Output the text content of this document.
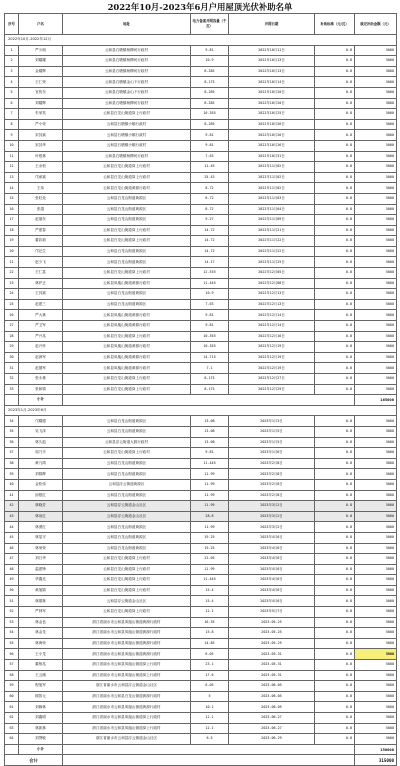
2022年10月-2023年6月户用屋顶光伏补助名单
序号	户名	地址	电力备案并网容量（千瓦）	并网日期	补助标准（元/瓦）	核定补助金额（元）
2022年10月-2022年12月						
1	严少朗	云和县石塘镇杨柳河行政村	9.81	2022年10月11日	0.8	5000
2	刘耀耀	云和县石塘镇杨柳河行政村	10.9	2022年10月13日	0.8	5000
3	金耀辉	云和县石塘镇杨柳河行政村	8.285	2022年10月13日	0.8	5000
4	王仁荣	云和县石塘镇金山下行政村	8.175	2022年10月14日	0.8	5000
5	官传东	云和县石塘镇金山下行政村	8.285	2022年10月20日	0.8	5000
6	刘耀辉	云和县石塘镇杨柳河行政村	8.285	2022年10月20日	0.8	5000
7	朱荣英	云和县白龙山街道岗上行政村	10.355	2022年10月25日	0.8	5000
8	严小荣	云和县石塘镇小顺行政村	8.285	2022年10月26日	0.8	5000
9	宋其斌	云和县石塘镇小顺行政村	9.81	2022年10月26日	0.8	5000
10	宋其华	云和县石塘镇小顺行政村	9.81	2022年10月26日	0.8	5000
11	叶根林	云和县石塘镇杨柳河行政村	7.63	2022年10月31日	0.8	5000
12	王余松	云和县白龙山街道岗上行政村	11.45	2022年11月02日	0.8	5000
13	邝承斌	云和县白龙山街道岗上行政村	25.43	2022年11月02日	0.8	5000
14	王玮	云和县白龙山街道黄源行政村	8.72	2022年11月02日	0.8	5000
15	张旺炎	云和县白龙山街道黄源区	8.72	2022年11月03日	0.8	5000
16	张超	云和县白龙山街道黄源区	8.72	2022年11月04日	0.8	5000
17	赵瑞东	云和县白龙山街道黄源区	9.27	2022年11月09日	0.8	5000
18	严建春	云和县白龙山街道岗上行政村	14.72	2022年11月21日	0.8	5000
19	董彩莉	云和县白龙山街道岗上行政村	14.72	2022年11月22日	0.8	5000
20	邝记生	云和县白龙山街道黄源区	14.72	2022年11月22日	0.8	5000
21	赵少飞	云和县白龙山街道黄源区	14.17	2022年11月25日	0.8	5000
22	王仁富	云和县白龙山街道岗上行政村	12.535	2022年12月05日	0.8	5000
23	林炉正	云和县凤凰山街道黄源行政村	11.445	2022年12月08日	0.8	5000
24	王其斌	云和县白龙山街道黄源区	10.9	2022年12月13日	0.8	5000
25	赵建三	云和县白龙山街道黄源区	7.63	2022年12月13日	0.8	5000
26	严大林	云和县凤凰山街道黄源行政村	9.81	2022年12月14日	0.8	5000
27	严卫军	云和县凤凰山街道黄源行政村	9.81	2022年12月14日	0.8	5000
28	严兴兆	云和县白龙山街道岗上行政村	10.355	2022年12月16日	0.8	5000
29	赵兴怀	云和县凤凰山街道黄源行政村	10.355	2022年12月19日	0.8	5000
30	赵润军	云和县凤凰山街道黄源行政村	14.715	2022年12月19日	0.8	5000
31	赵德军	云和县凤凰山街道黄源行政村	7.1	2022年12月19日	0.8	5000
32	张永林	云和县白龙山街道岗上行政村	8.175	2022年12月27日	0.8	5000
33	张和锦	云和县白龙山街道岗上行政村	8.175	2022年12月29日	0.8	5000
	小计					165000
2023年1月-2023年6月						
34	邝耀德	云和县白龙山街道黄源区	13.08	2023年1月3日	0.8	5000
35	吴飞泽	云和县白龙山街道黄源区	13.08	2023年1月5日	0.8	5000
36	林久彪	云和县浮云街道大源行政村	13.08	2023年1月5日	0.8	5000
37	周乃平	云和县白龙山街道岗上行政村	9.81	2023年1月6日	0.8	5000
38	黄乃鸿	云和县白龙山街道黄源区	11.445	2023年2月8日	0.8	5000
39	刘锦辉	云和县白龙山街道黄源区	11.99	2023年2月8日	0.8	5000
40	金松伟	云和县浮云街道黄源区	11.99	2023年2月8日	0.8	5000
41	邱根红	云和县白龙山街道黄源区	11.99	2023年2月8日	0.8	5000
42	林晓芳	云和县浮云街道金山社区	11.99	2023年3月2日	0.8	5000
43	林用红	云和县浮云街道金山社区	28.8	2023年3月2日	0.8	5000
44	林勇红	云和县白龙山街道黄源区	11.99	2023年3月2日	0.8	5000
45	林显平	云和县白龙山街道黄源区	19.25	2023年4月6日	0.8	5000
46	林荣荣	云和县白龙山街道黄源区	19.25	2023年4月6日	0.8	5000
47	刘日华	云和县白龙山街道岗上行政村	22.05	2023年4月6日	0.8	5000
48	温建锋	云和县白龙山街道岗上行政村	11.99	2023年4月6日	0.8	5000
49	华鑫光	云和县白龙山街道岗上行政村	11.445	2023年4月6日	0.8	5000
50	黄旭锦	云和县白龙山街道岗上行政村	15.4	2023年4月6日	0.8	5000
51	林德林	云和县浮云街道金山社区	15.4	2023年4月6日	0.8	5000
52	严林军	云和县白龙山街道岗上行政村	12.1	2023年5月7日	0.8	5000
53	林金良	浙江省丽水市云和县凤凰山街道黄源行政村	16.35	2023-05-25	0.8	5000
54	林金龙	浙江省丽水市云和县凤凰山街道黄源行政村	15.8	2023-05-25	0.8	5000
55	林海荣	浙江省丽水市云和县凤凰山街道黄源行政村	14.85	2023-05-25	0.8	5000
56	王小龙	浙江省丽水市云和县凤凰山街道黄源行政村	6.05	2023-05-31	0.8	5000
57	董相兆	浙江省丽水市云和县凤凰山街道岗上行政村	23.1	2023-05-31	0.8	5000
58	王云刚	浙江省丽水市云和县凤凰山街道岗上行政村	17.6	2023-05-31	0.8	5000
59	程旭军	浙江省丽水市云和县浮云街道金山社区	6.05	2023-06-05	0.8	5000
60	顾智元	浙江省丽水市云和县白龙山街道黄源行政村	5	2023-06-05	0.8	5000
61	刘翰林	浙江省丽水市云和县凤凰山街道黄源行政村	10.1	2023-06-05	0.8	5000
62	刘鑫明	浙江省丽水市云和县凤凰山街道岗上行政村	12.1	2023-06-27	0.8	5000
63	林凯林	浙江省丽水市云和县凤凰山街道岗上行政村	12.1	2023-06-27	0.8	5000
64	刘贤敏	浙江省丽水市云和县浮云街道金山社区	6.5	2023-06-29	0.8	5000
	小计					150000
合计						315000
